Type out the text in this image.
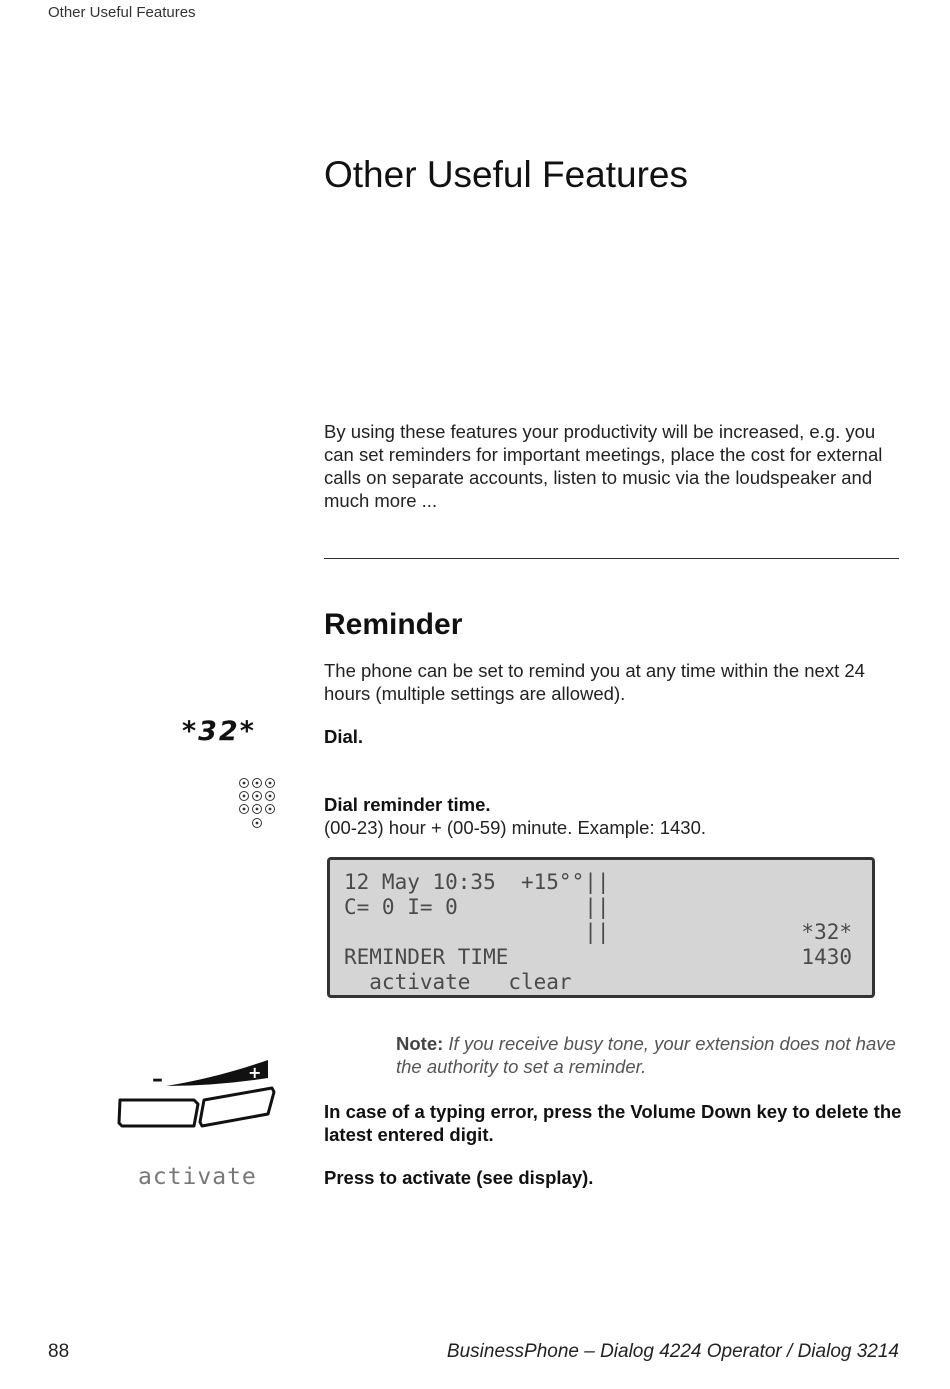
Other Useful Features
Other Useful Features

By using these features your productivity will be increased, e.g. you can set reminders for important meetings, place the cost for external calls on separate accounts, listen to music via the loudspeaker and much more ...

Reminder

The phone can be set to remind you at any time within the next 24 hours (multiple settings are allowed).

*32*	Dial.
Dial reminder time.
(00-23) hour + (00-59) minute. Example: 1430.
12 May 10:35  +15°°||
C= 0 I= 0          ||
||	*32*
REMINDER TIME	1430
activate   clear

Note: If you receive busy tone, your extension does not have the authority to set a reminder.

–	+

In case of a typing error, press the Volume Down key to delete the latest entered digit.

activate	Press to activate (see display).
88	BusinessPhone – Dialog 4224 Operator / Dialog 3214
